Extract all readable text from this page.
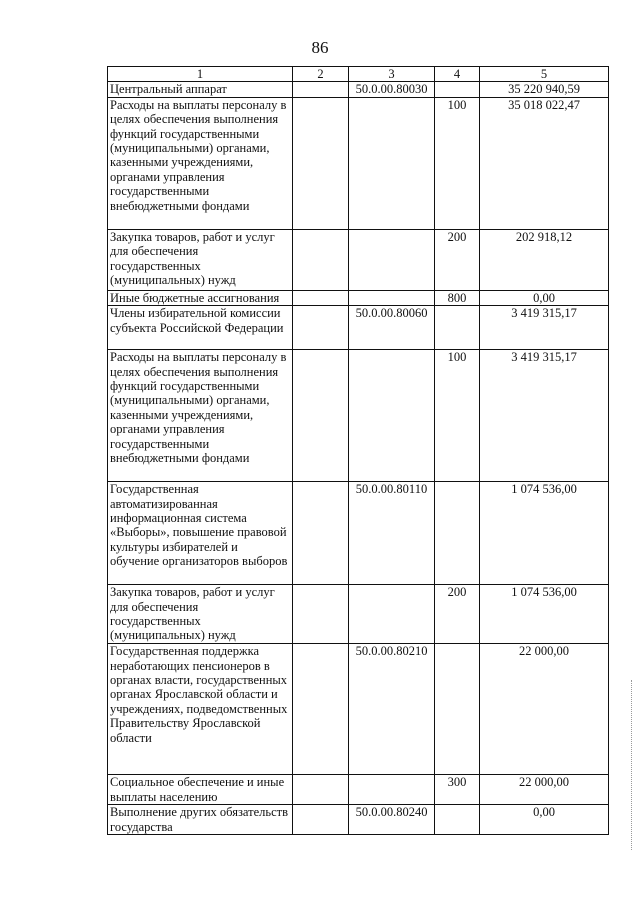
86
1	2	3	4	5
Центральный аппарат		50.0.00.80030		35 220 940,59
Расходы на выплаты персоналу в целях обеспечения выполнения функций государственными (муниципальными) органами, казенными учреждениями, органами управления государственными внебюджетными фондами			100	35 018 022,47
Закупка товаров, работ и услуг для обеспечения государственных (муниципальных) нужд			200	202 918,12
Иные бюджетные ассигнования			800	0,00
Члены избирательной комиссии субъекта Российской Федерации		50.0.00.80060		3 419 315,17
Расходы на выплаты персоналу в целях обеспечения выполнения функций государственными (муниципальными) органами, казенными учреждениями, органами управления государственными внебюджетными фондами			100	3 419 315,17
Государственная автоматизированная информационная система «Выборы», повышение правовой культуры избирателей и обучение организаторов выборов		50.0.00.80110		1 074 536,00
Закупка товаров, работ и услуг для обеспечения государственных (муниципальных) нужд			200	1 074 536,00
Государственная поддержка неработающих пенсионеров в органах власти, государственных органах Ярославской области и учреждениях, подведомственных Правительству Ярославской области		50.0.00.80210		22 000,00
Социальное обеспечение и иные выплаты населению			300	22 000,00
Выполнение других обязательств государства		50.0.00.80240		0,00
